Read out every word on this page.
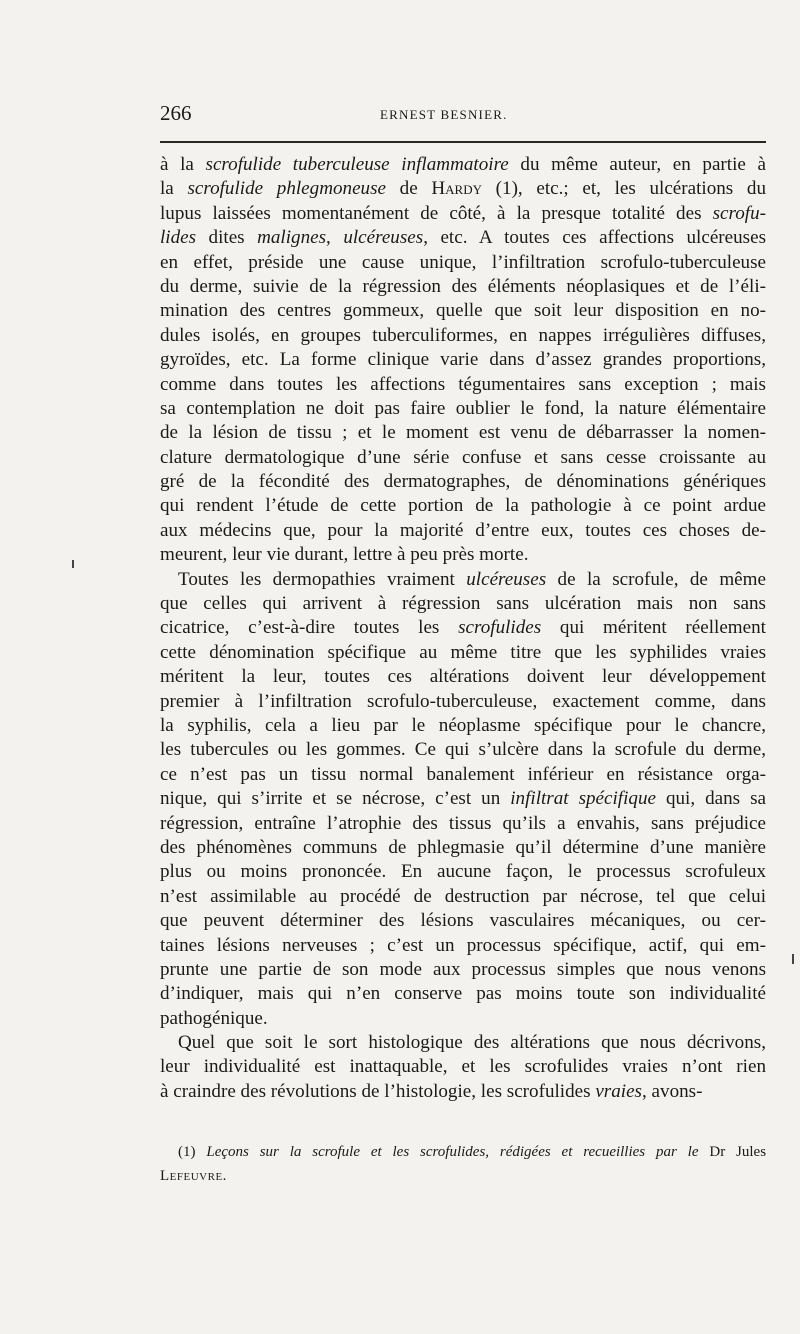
266	ERNEST BESNIER.
à la scrofulide tuberculeuse inflammatoire du même auteur, en partie à
la scrofulide phlegmoneuse de Hardy (1), etc.; et, les ulcérations du
lupus laissées momentanément de côté, à la presque totalité des scrofu-
lides dites malignes, ulcéreuses, etc. A toutes ces affections ulcéreuses
en effet, préside une cause unique, l’infiltration scrofulo-tuberculeuse
du derme, suivie de la régression des éléments néoplasiques et de l’éli-
mination des centres gommeux, quelle que soit leur disposition en no-
dules isolés, en groupes tuberculiformes, en nappes irrégulières diffuses,
gyroïdes, etc. La forme clinique varie dans d’assez grandes proportions,
comme dans toutes les affections tégumentaires sans exception ; mais
sa contemplation ne doit pas faire oublier le fond, la nature élémentaire
de la lésion de tissu ; et le moment est venu de débarrasser la nomen-
clature dermatologique d’une série confuse et sans cesse croissante au
gré de la fécondité des dermatographes, de dénominations génériques
qui rendent l’étude de cette portion de la pathologie à ce point ardue
aux médecins que, pour la majorité d’entre eux, toutes ces choses de-
meurent, leur vie durant, lettre à peu près morte.
Toutes les dermopathies vraiment ulcéreuses de la scrofule, de même
que celles qui arrivent à régression sans ulcération mais non sans
cicatrice, c’est-à-dire toutes les scrofulides qui méritent réellement
cette dénomination spécifique au même titre que les syphilides vraies
méritent la leur, toutes ces altérations doivent leur développement
premier à l’infiltration scrofulo-tuberculeuse, exactement comme, dans
la syphilis, cela a lieu par le néoplasme spécifique pour le chancre,
les tubercules ou les gommes. Ce qui s’ulcère dans la scrofule du derme,
ce n’est pas un tissu normal banalement inférieur en résistance orga-
nique, qui s’irrite et se nécrose, c’est un infiltrat spécifique qui, dans sa
régression, entraîne l’atrophie des tissus qu’ils a envahis, sans préjudice
des phénomènes communs de phlegmasie qu’il détermine d’une manière
plus ou moins prononcée. En aucune façon, le processus scrofuleux
n’est assimilable au procédé de destruction par nécrose, tel que celui
que peuvent déterminer des lésions vasculaires mécaniques, ou cer-
taines lésions nerveuses ; c’est un processus spécifique, actif, qui em-
prunte une partie de son mode aux processus simples que nous venons
d’indiquer, mais qui n’en conserve pas moins toute son individualité
pathogénique.
Quel que soit le sort histologique des altérations que nous décrivons,
leur individualité est inattaquable, et les scrofulides vraies n’ont rien
à craindre des révolutions de l’histologie, les scrofulides vraies, avons-
(1) Leçons sur la scrofule et les scrofulides, rédigées et recueillies par le Dr Jules
Lefeuvre.
